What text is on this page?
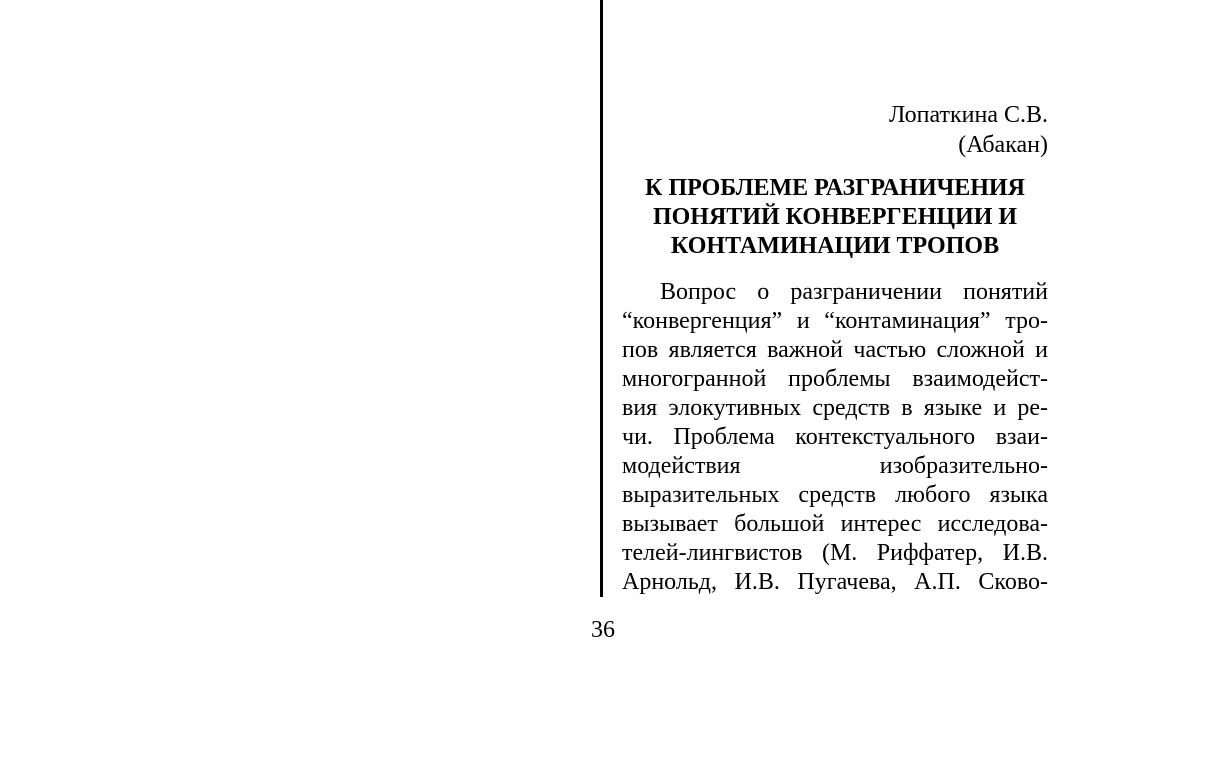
Лопаткина С.В.
(Абакан)
К ПРОБЛЕМЕ РАЗГРАНИЧЕНИЯ
ПОНЯТИЙ КОНВЕРГЕНЦИИ И
КОНТАМИНАЦИИ ТРОПОВ
Вопрос о разграничении понятий
“конвергенция” и “контаминация” тро-
пов является важной частью сложной и
многогранной проблемы взаимодейст-
вия элокутивных средств в языке и ре-
чи. Проблема контекстуального взаи-
модействия изобразительно-
выразительных средств любого языка
вызывает большой интерес исследова-
телей-лингвистов (М. Риффатер, И.В.
Арнольд, И.В. Пугачева, А.П. Сково-
36
